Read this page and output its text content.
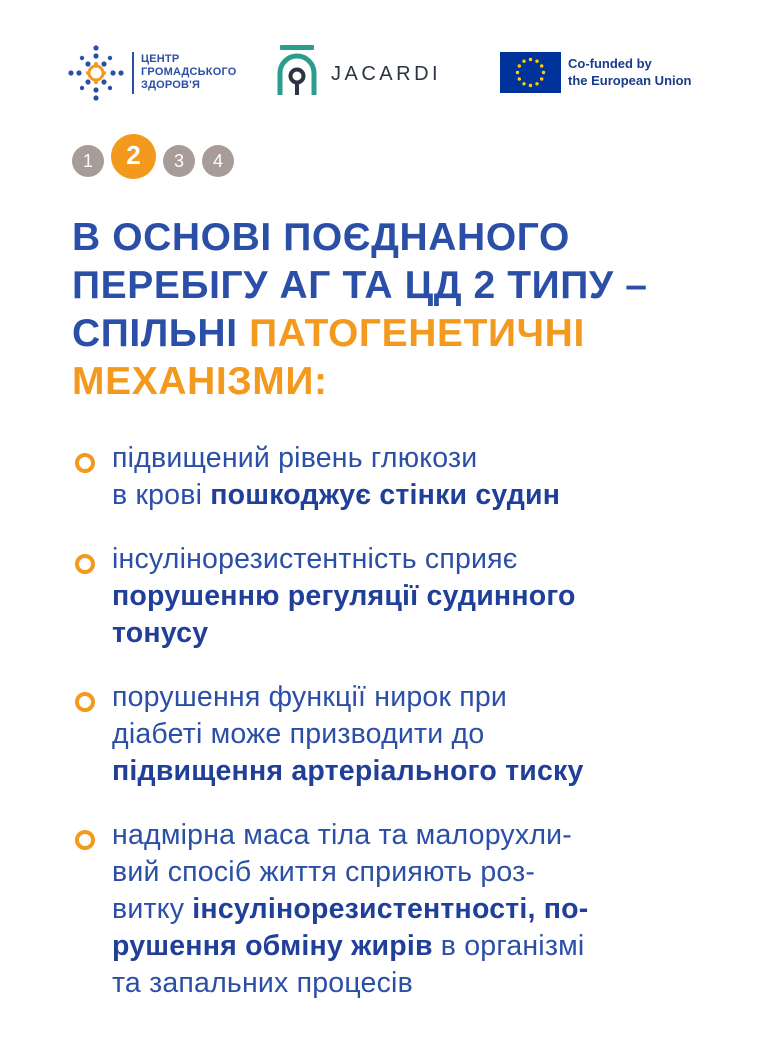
ЦЕНТР
ГРОМАДСЬКОГО
ЗДОРОВ'Я	JACARDI	Co-funded by
the European Union
1	2	3	4
В ОСНОВІ ПОЄДНАНОГО
ПЕРЕБІГУ АГ ТА ЦД 2 ТИПУ –
СПІЛЬНІ ПАТОГЕНЕТИЧНІ
МЕХАНІЗМИ:
підвищений рівень глюкози
в крові пошкоджує стінки судин
інсулінорезистентність сприяє
порушенню регуляції судинного
тонусу
порушення функції нирок при
діабеті може призводити до
підвищення артеріального тиску
надмірна маса тіла та малорухли-
вий спосіб життя сприяють роз-
витку інсулінорезистентності, по-
рушення обміну жирів в організмі
та запальних процесів
